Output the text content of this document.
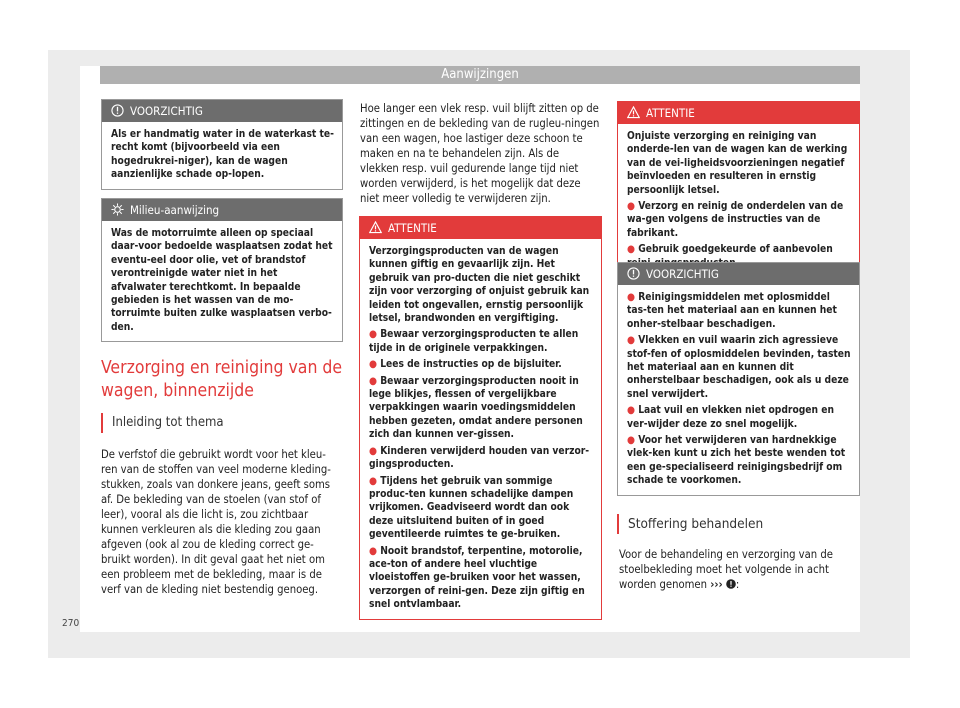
Aanwijzingen
VOORZICHTIG

Als er handmatig water in de waterkast te-recht komt (bijvoorbeeld via een hogedrukrei-niger), kan de wagen aanzienlijke schade op-lopen.

Milieu-aanwijzing

Was de motorruimte alleen op speciaal daar-voor bedoelde wasplaatsen zodat het eventu-eel door olie, vet of brandstof verontreinigde water niet in het afvalwater terechtkomt. In bepaalde gebieden is het wassen van de mo-torruimte buiten zulke wasplaatsen verbo-den.

Verzorging en reiniging van de wagen, binnenzijde
Inleiding tot thema
De verfstof die gebruikt wordt voor het kleu-ren van de stoffen van veel moderne kleding-stukken, zoals van donkere jeans, geeft soms af. De bekleding van de stoelen (van stof of leer), vooral als die licht is, zou zichtbaar kunnen verkleuren als die kleding zou gaan afgeven (ook al zou de kleding correct ge-bruikt worden). In dit geval gaat het niet om een probleem met de bekleding, maar is de verf van de kleding niet bestendig genoeg.
Hoe langer een vlek resp. vuil blijft zitten op de zittingen en de bekleding van de rugleu-ningen van een wagen, hoe lastiger deze schoon te maken en na te behandelen zijn. Als de vlekken resp. vuil gedurende lange tijd niet worden verwijderd, is het mogelijk dat deze niet meer volledig te verwijderen zijn.
ATTENTIE

Verzorgingsproducten van de wagen kunnen giftig en gevaarlijk zijn. Het gebruik van pro-ducten die niet geschikt zijn voor verzorging of onjuist gebruik kan leiden tot ongevallen, ernstig persoonlijk letsel, brandwonden en vergiftiging.

● Bewaar verzorgingsproducten te allen tijde in de originele verpakkingen.

● Lees de instructies op de bijsluiter.

● Bewaar verzorgingsproducten nooit in lege blikjes, flessen of vergelijkbare verpakkingen waarin voedingsmiddelen hebben gezeten, omdat andere personen zich dan kunnen ver-gissen.

● Kinderen verwijderd houden van verzor-gingsproducten.

● Tijdens het gebruik van sommige produc-ten kunnen schadelijke dampen vrijkomen. Geadviseerd wordt dan ook deze uitsluitend buiten of in goed geventileerde ruimtes te ge-bruiken.

● Nooit brandstof, terpentine, motorolie, ace-ton of andere heel vluchtige vloeistoffen ge-bruiken voor het wassen, verzorgen of reini-gen. Deze zijn giftig en snel ontvlambaar.

ATTENTIE

Onjuiste verzorging en reiniging van onderde-len van de wagen kan de werking van de vei-ligheidsvoorzieningen negatief beïnvloeden en resulteren in ernstig persoonlijk letsel.

● Verzorg en reinig de onderdelen van de wa-gen volgens de instructies van de fabrikant.

● Gebruik goedgekeurde of aanbevolen

VOORZICHTIG

● Reinigingsmiddelen met oplosmiddel tas-ten het materiaal aan en kunnen het onher-stelbaar beschadigen.

● Vlekken en vuil waarin zich agressieve stof-fen of oplosmiddelen bevinden, tasten het materiaal aan en kunnen dit onherstelbaar beschadigen, ook als u deze snel verwijdert.

● Laat vuil en vlekken niet opdrogen en ver-wijder deze zo snel mogelijk.

● Voor het verwijderen van hardnekkige vlek-ken kunt u zich het beste wenden tot een ge-specialiseerd reinigingsbedrijf om schade te voorkomen.

Stoffering behandelen
Voor de behandeling en verzorging van de stoelbekleding moet het volgende in acht worden genomen ››› :
270
